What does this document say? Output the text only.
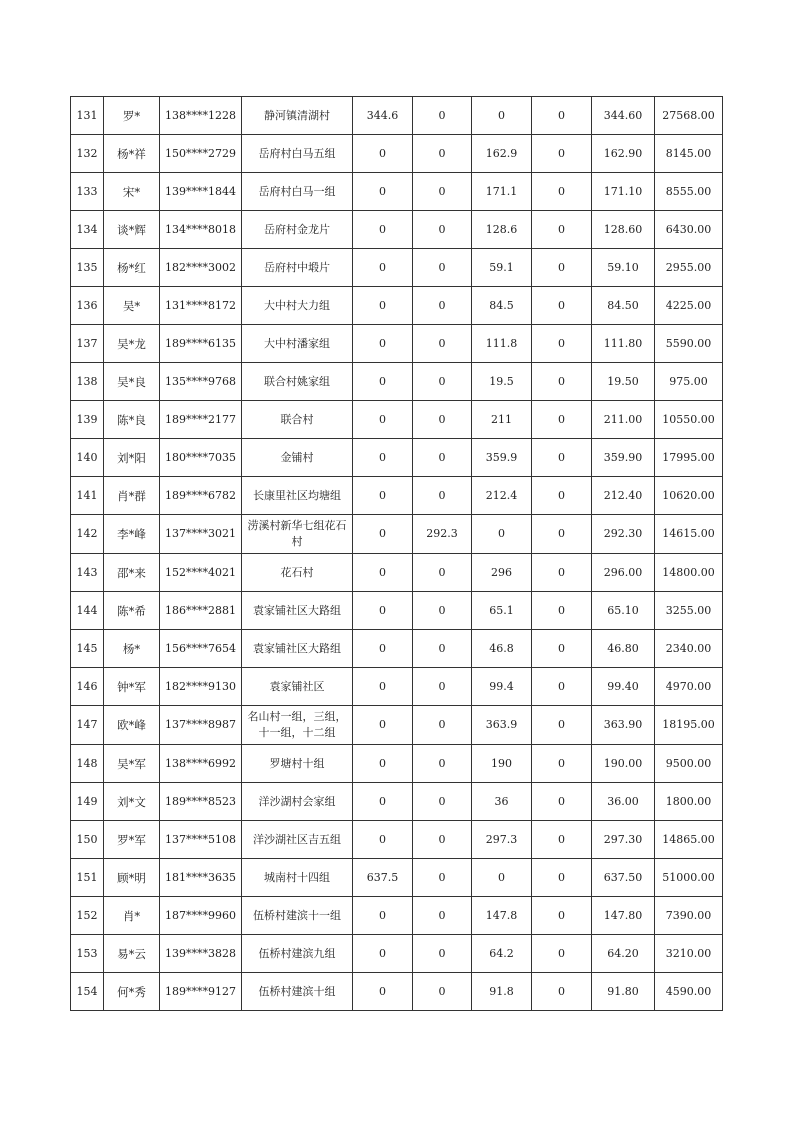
131	罗*	138****1228	静河镇清湖村	344.6	0	0	0	344.60	27568.00
132	杨*祥	150****2729	岳府村白马五组	0	0	162.9	0	162.90	8145.00
133	宋*	139****1844	岳府村白马一组	0	0	171.1	0	171.10	8555.00
134	谈*辉	134****8018	岳府村金龙片	0	0	128.6	0	128.60	6430.00
135	杨*红	182****3002	岳府村中塅片	0	0	59.1	0	59.10	2955.00
136	吴*	131****8172	大中村大力组	0	0	84.5	0	84.50	4225.00
137	吴*龙	189****6135	大中村潘家组	0	0	111.8	0	111.80	5590.00
138	吴*良	135****9768	联合村姚家组	0	0	19.5	0	19.50	975.00
139	陈*良	189****2177	联合村	0	0	211	0	211.00	10550.00
140	刘*阳	180****7035	金铺村	0	0	359.9	0	359.90	17995.00
141	肖*群	189****6782	长康里社区均塘组	0	0	212.4	0	212.40	10620.00
142	李*峰	137****3021	涝溪村新华七组花石村	0	292.3	0	0	292.30	14615.00
143	邵*来	152****4021	花石村	0	0	296	0	296.00	14800.00
144	陈*希	186****2881	袁家铺社区大路组	0	0	65.1	0	65.10	3255.00
145	杨*	156****7654	袁家铺社区大路组	0	0	46.8	0	46.80	2340.00
146	钟*军	182****9130	袁家铺社区	0	0	99.4	0	99.40	4970.00
147	欧*峰	137****8987	名山村一组，三组，十一组，十二组	0	0	363.9	0	363.90	18195.00
148	吴*军	138****6992	罗塘村十组	0	0	190	0	190.00	9500.00
149	刘*文	189****8523	洋沙湖村会家组	0	0	36	0	36.00	1800.00
150	罗*军	137****5108	洋沙湖社区吉五组	0	0	297.3	0	297.30	14865.00
151	顾*明	181****3635	城南村十四组	637.5	0	0	0	637.50	51000.00
152	肖*	187****9960	伍桥村建滨十一组	0	0	147.8	0	147.80	7390.00
153	易*云	139****3828	伍桥村建滨九组	0	0	64.2	0	64.20	3210.00
154	何*秀	189****9127	伍桥村建滨十组	0	0	91.8	0	91.80	4590.00
